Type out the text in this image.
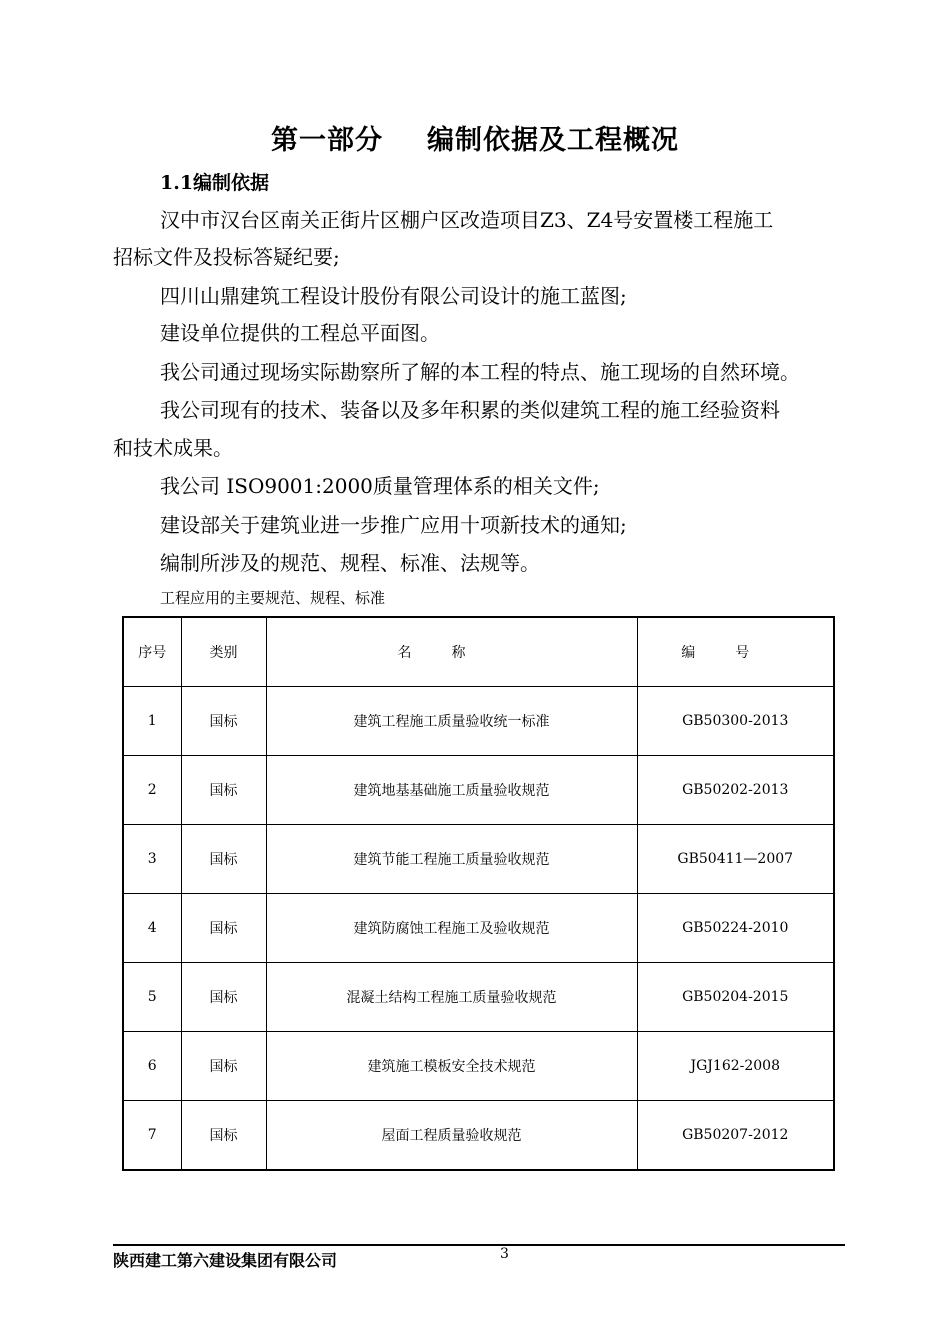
第一部分 编制依据及工程概况
1.1编制依据
汉中市汉台区南关正街片区棚户区改造项目Z3、Z4号安置楼工程施工
招标文件及投标答疑纪要;
四川山鼎建筑工程设计股份有限公司设计的施工蓝图;
建设单位提供的工程总平面图。
我公司通过现场实际勘察所了解的本工程的特点、施工现场的自然环境。
我公司现有的技术、装备以及多年积累的类似建筑工程的施工经验资料
和技术成果。
我公司 ISO9001:2000质量管理体系的相关文件;
建设部关于建筑业进一步推广应用十项新技术的通知;
编制所涉及的规范、规程、标准、法规等。
工程应用的主要规范、规程、标准
序号	类别	名称	编号
1	国标	建筑工程施工质量验收统一标准	GB50300-2013
2	国标	建筑地基基础施工质量验收规范	GB50202-2013
3	国标	建筑节能工程施工质量验收规范	GB50411—2007
4	国标	建筑防腐蚀工程施工及验收规范	GB50224-2010
5	国标	混凝土结构工程施工质量验收规范	GB50204-2015
6	国标	建筑施工模板安全技术规范	JGJ162-2008
7	国标	屋面工程质量验收规范	GB50207-2012
陕西建工第六建设集团有限公司	3
